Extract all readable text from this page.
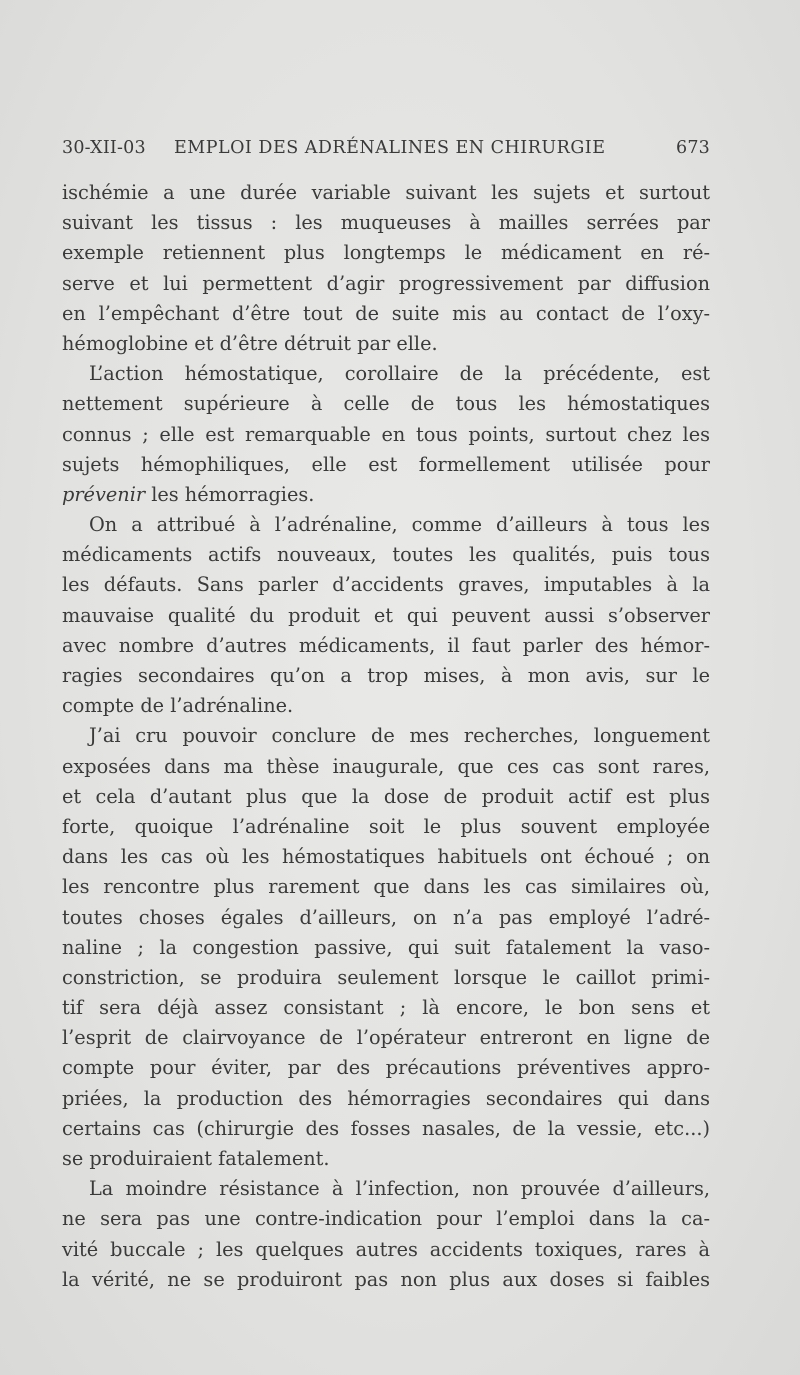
30-XII-03 EMPLOI DES ADRÉNALINES EN CHIRURGIE	673
ischémie a une durée variable suivant les sujets et surtout
suivant les tissus : les muqueuses à mailles serrées par
exemple retiennent plus longtemps le médicament en ré-
serve et lui permettent d’agir progressivement par diffusion
en l’empêchant d’être tout de suite mis au contact de l’oxy-
hémoglobine et d’être détruit par elle.
L’action hémostatique, corollaire de la précédente, est
nettement supérieure à celle de tous les hémostatiques
connus ; elle est remarquable en tous points, surtout chez les
sujets hémophiliques, elle est formellement utilisée pour
prévenir les hémorragies.
On a attribué à l’adrénaline, comme d’ailleurs à tous les
médicaments actifs nouveaux, toutes les qualités, puis tous
les défauts. Sans parler d’accidents graves, imputables à la
mauvaise qualité du produit et qui peuvent aussi s’observer
avec nombre d’autres médicaments, il faut parler des hémor-
ragies secondaires qu’on a trop mises, à mon avis, sur le
compte de l’adrénaline.
J’ai cru pouvoir conclure de mes recherches, longuement
exposées dans ma thèse inaugurale, que ces cas sont rares,
et cela d’autant plus que la dose de produit actif est plus
forte, quoique l’adrénaline soit le plus souvent employée
dans les cas où les hémostatiques habituels ont échoué ; on
les rencontre plus rarement que dans les cas similaires où,
toutes choses égales d’ailleurs, on n’a pas employé l’adré-
naline ; la congestion passive, qui suit fatalement la vaso-
constriction, se produira seulement lorsque le caillot primi-
tif sera déjà assez consistant ; là encore, le bon sens et
l’esprit de clairvoyance de l’opérateur entreront en ligne de
compte pour éviter, par des précautions préventives appro-
priées, la production des hémorragies secondaires qui dans
certains cas (chirurgie des fosses nasales, de la vessie, etc...)
se produiraient fatalement.
La moindre résistance à l’infection, non prouvée d’ailleurs,
ne sera pas une contre-indication pour l’emploi dans la ca-
vité buccale ; les quelques autres accidents toxiques, rares à
la vérité, ne se produiront pas non plus aux doses si faibles
